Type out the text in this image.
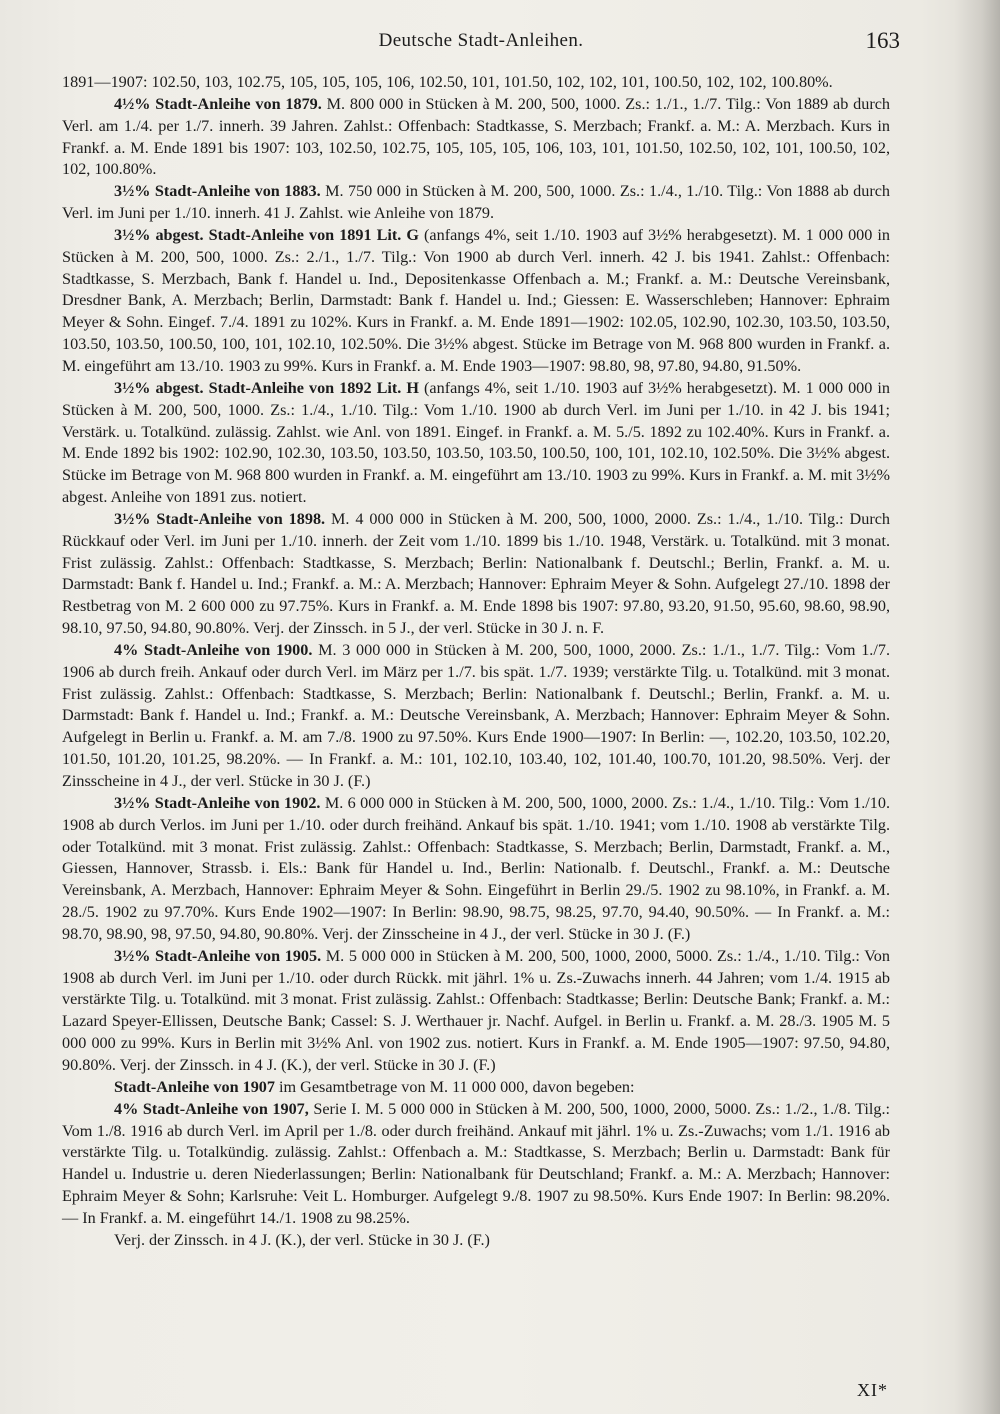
Deutsche Stadt-Anleihen.	163

1891—1907: 102.50, 103, 102.75, 105, 105, 105, 106, 102.50, 101, 101.50, 102, 102, 101, 100.50, 102, 102, 100.80%.

4½% Stadt-Anleihe von 1879. M. 800 000 in Stücken à M. 200, 500, 1000. Zs.: 1./1., 1./7. Tilg.: Von 1889 ab durch Verl. am 1./4. per 1./7. innerh. 39 Jahren. Zahlst.: Offenbach: Stadtkasse, S. Merzbach; Frankf. a. M.: A. Merzbach. Kurs in Frankf. a. M. Ende 1891 bis 1907: 103, 102.50, 102.75, 105, 105, 105, 106, 103, 101, 101.50, 102.50, 102, 101, 100.50, 102, 102, 100.80%.

3½% Stadt-Anleihe von 1883. M. 750 000 in Stücken à M. 200, 500, 1000. Zs.: 1./4., 1./10. Tilg.: Von 1888 ab durch Verl. im Juni per 1./10. innerh. 41 J. Zahlst. wie Anleihe von 1879.

3½% abgest. Stadt-Anleihe von 1891 Lit. G (anfangs 4%, seit 1./10. 1903 auf 3½% herabgesetzt). M. 1 000 000 in Stücken à M. 200, 500, 1000. Zs.: 2./1., 1./7. Tilg.: Von 1900 ab durch Verl. innerh. 42 J. bis 1941. Zahlst.: Offenbach: Stadtkasse, S. Merzbach, Bank f. Handel u. Ind., Depositenkasse Offenbach a. M.; Frankf. a. M.: Deutsche Vereinsbank, Dresdner Bank, A. Merzbach; Berlin, Darmstadt: Bank f. Handel u. Ind.; Giessen: E. Wasserschleben; Hannover: Ephraim Meyer & Sohn. Eingef. 7./4. 1891 zu 102%. Kurs in Frankf. a. M. Ende 1891—1902: 102.05, 102.90, 102.30, 103.50, 103.50, 103.50, 103.50, 100.50, 100, 101, 102.10, 102.50%. Die 3½% abgest. Stücke im Betrage von M. 968 800 wurden in Frankf. a. M. eingeführt am 13./10. 1903 zu 99%. Kurs in Frankf. a. M. Ende 1903—1907: 98.80, 98, 97.80, 94.80, 91.50%.

3½% abgest. Stadt-Anleihe von 1892 Lit. H (anfangs 4%, seit 1./10. 1903 auf 3½% herabgesetzt). M. 1 000 000 in Stücken à M. 200, 500, 1000. Zs.: 1./4., 1./10. Tilg.: Vom 1./10. 1900 ab durch Verl. im Juni per 1./10. in 42 J. bis 1941; Verstärk. u. Totalkünd. zulässig. Zahlst. wie Anl. von 1891. Eingef. in Frankf. a. M. 5./5. 1892 zu 102.40%. Kurs in Frankf. a. M. Ende 1892 bis 1902: 102.90, 102.30, 103.50, 103.50, 103.50, 103.50, 100.50, 100, 101, 102.10, 102.50%. Die 3½% abgest. Stücke im Betrage von M. 968 800 wurden in Frankf. a. M. eingeführt am 13./10. 1903 zu 99%. Kurs in Frankf. a. M. mit 3½% abgest. Anleihe von 1891 zus. notiert.

3½% Stadt-Anleihe von 1898. M. 4 000 000 in Stücken à M. 200, 500, 1000, 2000. Zs.: 1./4., 1./10. Tilg.: Durch Rückkauf oder Verl. im Juni per 1./10. innerh. der Zeit vom 1./10. 1899 bis 1./10. 1948, Verstärk. u. Totalkünd. mit 3 monat. Frist zulässig. Zahlst.: Offenbach: Stadtkasse, S. Merzbach; Berlin: Nationalbank f. Deutschl.; Berlin, Frankf. a. M. u. Darmstadt: Bank f. Handel u. Ind.; Frankf. a. M.: A. Merzbach; Hannover: Ephraim Meyer & Sohn. Aufgelegt 27./10. 1898 der Restbetrag von M. 2 600 000 zu 97.75%. Kurs in Frankf. a. M. Ende 1898 bis 1907: 97.80, 93.20, 91.50, 95.60, 98.60, 98.90, 98.10, 97.50, 94.80, 90.80%. Verj. der Zinssch. in 5 J., der verl. Stücke in 30 J. n. F.

4% Stadt-Anleihe von 1900. M. 3 000 000 in Stücken à M. 200, 500, 1000, 2000. Zs.: 1./1., 1./7. Tilg.: Vom 1./7. 1906 ab durch freih. Ankauf oder durch Verl. im März per 1./7. bis spät. 1./7. 1939; verstärkte Tilg. u. Totalkünd. mit 3 monat. Frist zulässig. Zahlst.: Offenbach: Stadtkasse, S. Merzbach; Berlin: Nationalbank f. Deutschl.; Berlin, Frankf. a. M. u. Darmstadt: Bank f. Handel u. Ind.; Frankf. a. M.: Deutsche Vereinsbank, A. Merzbach; Hannover: Ephraim Meyer & Sohn. Aufgelegt in Berlin u. Frankf. a. M. am 7./8. 1900 zu 97.50%. Kurs Ende 1900—1907: In Berlin: —, 102.20, 103.50, 102.20, 101.50, 101.20, 101.25, 98.20%. — In Frankf. a. M.: 101, 102.10, 103.40, 102, 101.40, 100.70, 101.20, 98.50%. Verj. der Zinsscheine in 4 J., der verl. Stücke in 30 J. (F.)

3½% Stadt-Anleihe von 1902. M. 6 000 000 in Stücken à M. 200, 500, 1000, 2000. Zs.: 1./4., 1./10. Tilg.: Vom 1./10. 1908 ab durch Verlos. im Juni per 1./10. oder durch freihänd. Ankauf bis spät. 1./10. 1941; vom 1./10. 1908 ab verstärkte Tilg. oder Totalkünd. mit 3 monat. Frist zulässig. Zahlst.: Offenbach: Stadtkasse, S. Merzbach; Berlin, Darmstadt, Frankf. a. M., Giessen, Hannover, Strassb. i. Els.: Bank für Handel u. Ind., Berlin: Nationalb. f. Deutschl., Frankf. a. M.: Deutsche Vereinsbank, A. Merzbach, Hannover: Ephraim Meyer & Sohn. Eingeführt in Berlin 29./5. 1902 zu 98.10%, in Frankf. a. M. 28./5. 1902 zu 97.70%. Kurs Ende 1902—1907: In Berlin: 98.90, 98.75, 98.25, 97.70, 94.40, 90.50%. — In Frankf. a. M.: 98.70, 98.90, 98, 97.50, 94.80, 90.80%. Verj. der Zinsscheine in 4 J., der verl. Stücke in 30 J. (F.)

3½% Stadt-Anleihe von 1905. M. 5 000 000 in Stücken à M. 200, 500, 1000, 2000, 5000. Zs.: 1./4., 1./10. Tilg.: Von 1908 ab durch Verl. im Juni per 1./10. oder durch Rückk. mit jährl. 1% u. Zs.-Zuwachs innerh. 44 Jahren; vom 1./4. 1915 ab verstärkte Tilg. u. Totalkünd. mit 3 monat. Frist zulässig. Zahlst.: Offenbach: Stadtkasse; Berlin: Deutsche Bank; Frankf. a. M.: Lazard Speyer-Ellissen, Deutsche Bank; Cassel: S. J. Werthauer jr. Nachf. Aufgel. in Berlin u. Frankf. a. M. 28./3. 1905 M. 5 000 000 zu 99%. Kurs in Berlin mit 3½% Anl. von 1902 zus. notiert. Kurs in Frankf. a. M. Ende 1905—1907: 97.50, 94.80, 90.80%. Verj. der Zinssch. in 4 J. (K.), der verl. Stücke in 30 J. (F.)

Stadt-Anleihe von 1907 im Gesamtbetrage von M. 11 000 000, davon begeben:

4% Stadt-Anleihe von 1907, Serie I. M. 5 000 000 in Stücken à M. 200, 500, 1000, 2000, 5000. Zs.: 1./2., 1./8. Tilg.: Vom 1./8. 1916 ab durch Verl. im April per 1./8. oder durch freihänd. Ankauf mit jährl. 1% u. Zs.-Zuwachs; vom 1./1. 1916 ab verstärkte Tilg. u. Totalkündig. zulässig. Zahlst.: Offenbach a. M.: Stadtkasse, S. Merzbach; Berlin u. Darmstadt: Bank für Handel u. Industrie u. deren Niederlassungen; Berlin: Nationalbank für Deutschland; Frankf. a. M.: A. Merzbach; Hannover: Ephraim Meyer & Sohn; Karlsruhe: Veit L. Homburger. Aufgelegt 9./8. 1907 zu 98.50%. Kurs Ende 1907: In Berlin: 98.20%. — In Frankf. a. M. eingeführt 14./1. 1908 zu 98.25%.

Verj. der Zinssch. in 4 J. (K.), der verl. Stücke in 30 J. (F.)

XI*
